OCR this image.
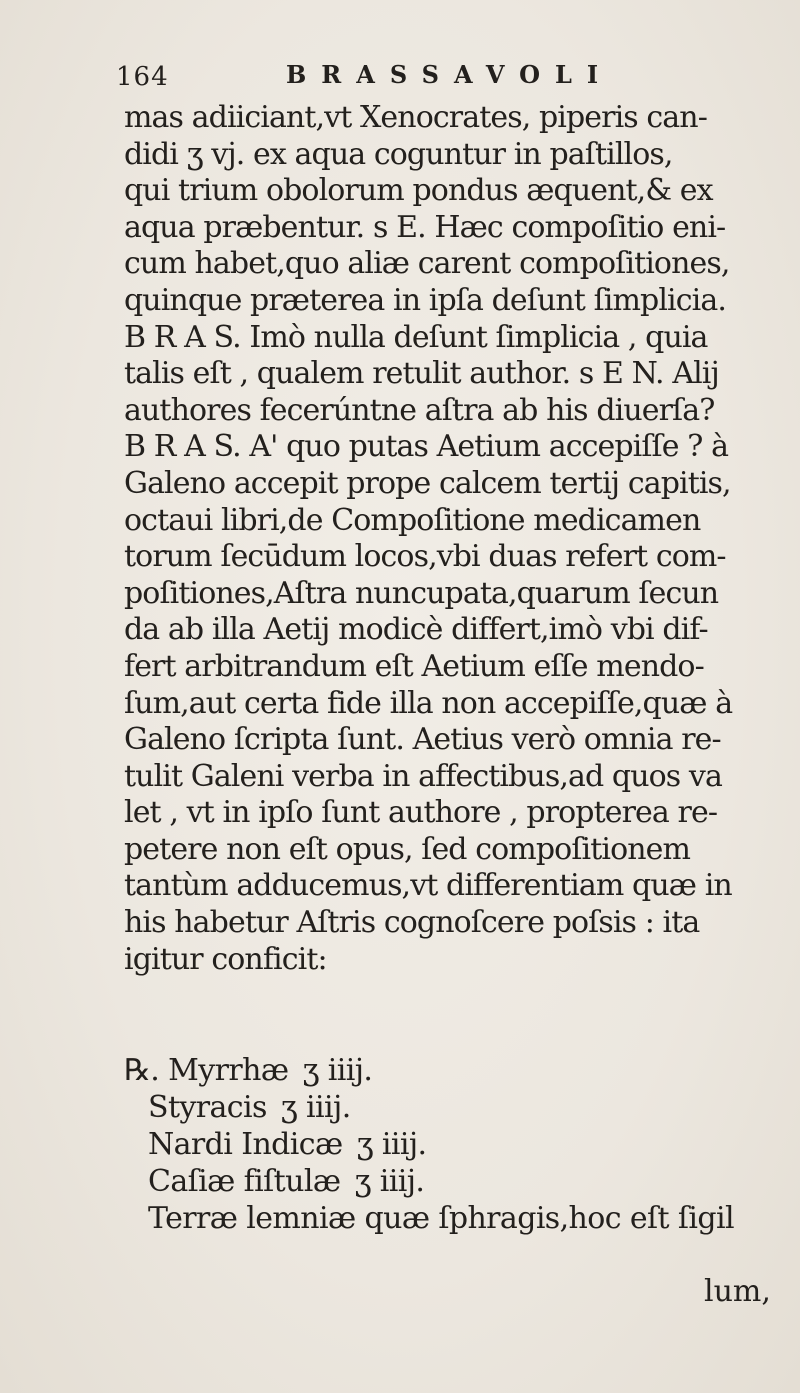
164	BRASSAVOLI
mas adiiciant,vt Xenocrates, piperis can-
didi ʒ vj. ex aqua coguntur in paſtillos,
qui trium obolorum pondus æquent,& ex
aqua præbentur. s E. Hæc compoſitio eni-
cum habet,quo aliæ carent compoſitiones,
quinque præterea in ipſa deſunt ſimplicia.
B R A S. Imò nulla deſunt ſimplicia , quia
talis eſt , qualem retulit author. s E N. Alij
authores fecerúntne aſtra ab his diuerſa?
B R A S. A' quo putas Aetium accepiſſe ? à
Galeno accepit prope calcem tertij capitis,
octaui libri,de Compoſitione medicamen
torum ſecūdum locos,vbi duas refert com-
poſitiones,Aſtra nuncupata,quarum ſecun
da ab illa Aetij modicè differt,imò vbi dif-
fert arbitrandum eſt Aetium eſſe mendo-
ſum,aut certa fide illa non accepiſſe,quæ à
Galeno ſcripta ſunt. Aetius verò omnia re-
tulit Galeni verba in affectibus,ad quos va
let , vt in ipſo ſunt authore , propterea re-
petere non eſt opus, ſed compoſitionem
tantùm adducemus,vt differentiam quæ in
his habetur Aſtris cognoſcere poſsis : ita
igitur conficit:
℞. Myrrhæ ʒ iiij.
Styracis ʒ iiij.
Nardi Indicæ ʒ iiij.
Caſiæ fiſtulæ ʒ iiij.
Terræ lemniæ quæ ſphragis,hoc eſt ſigil
lum,
